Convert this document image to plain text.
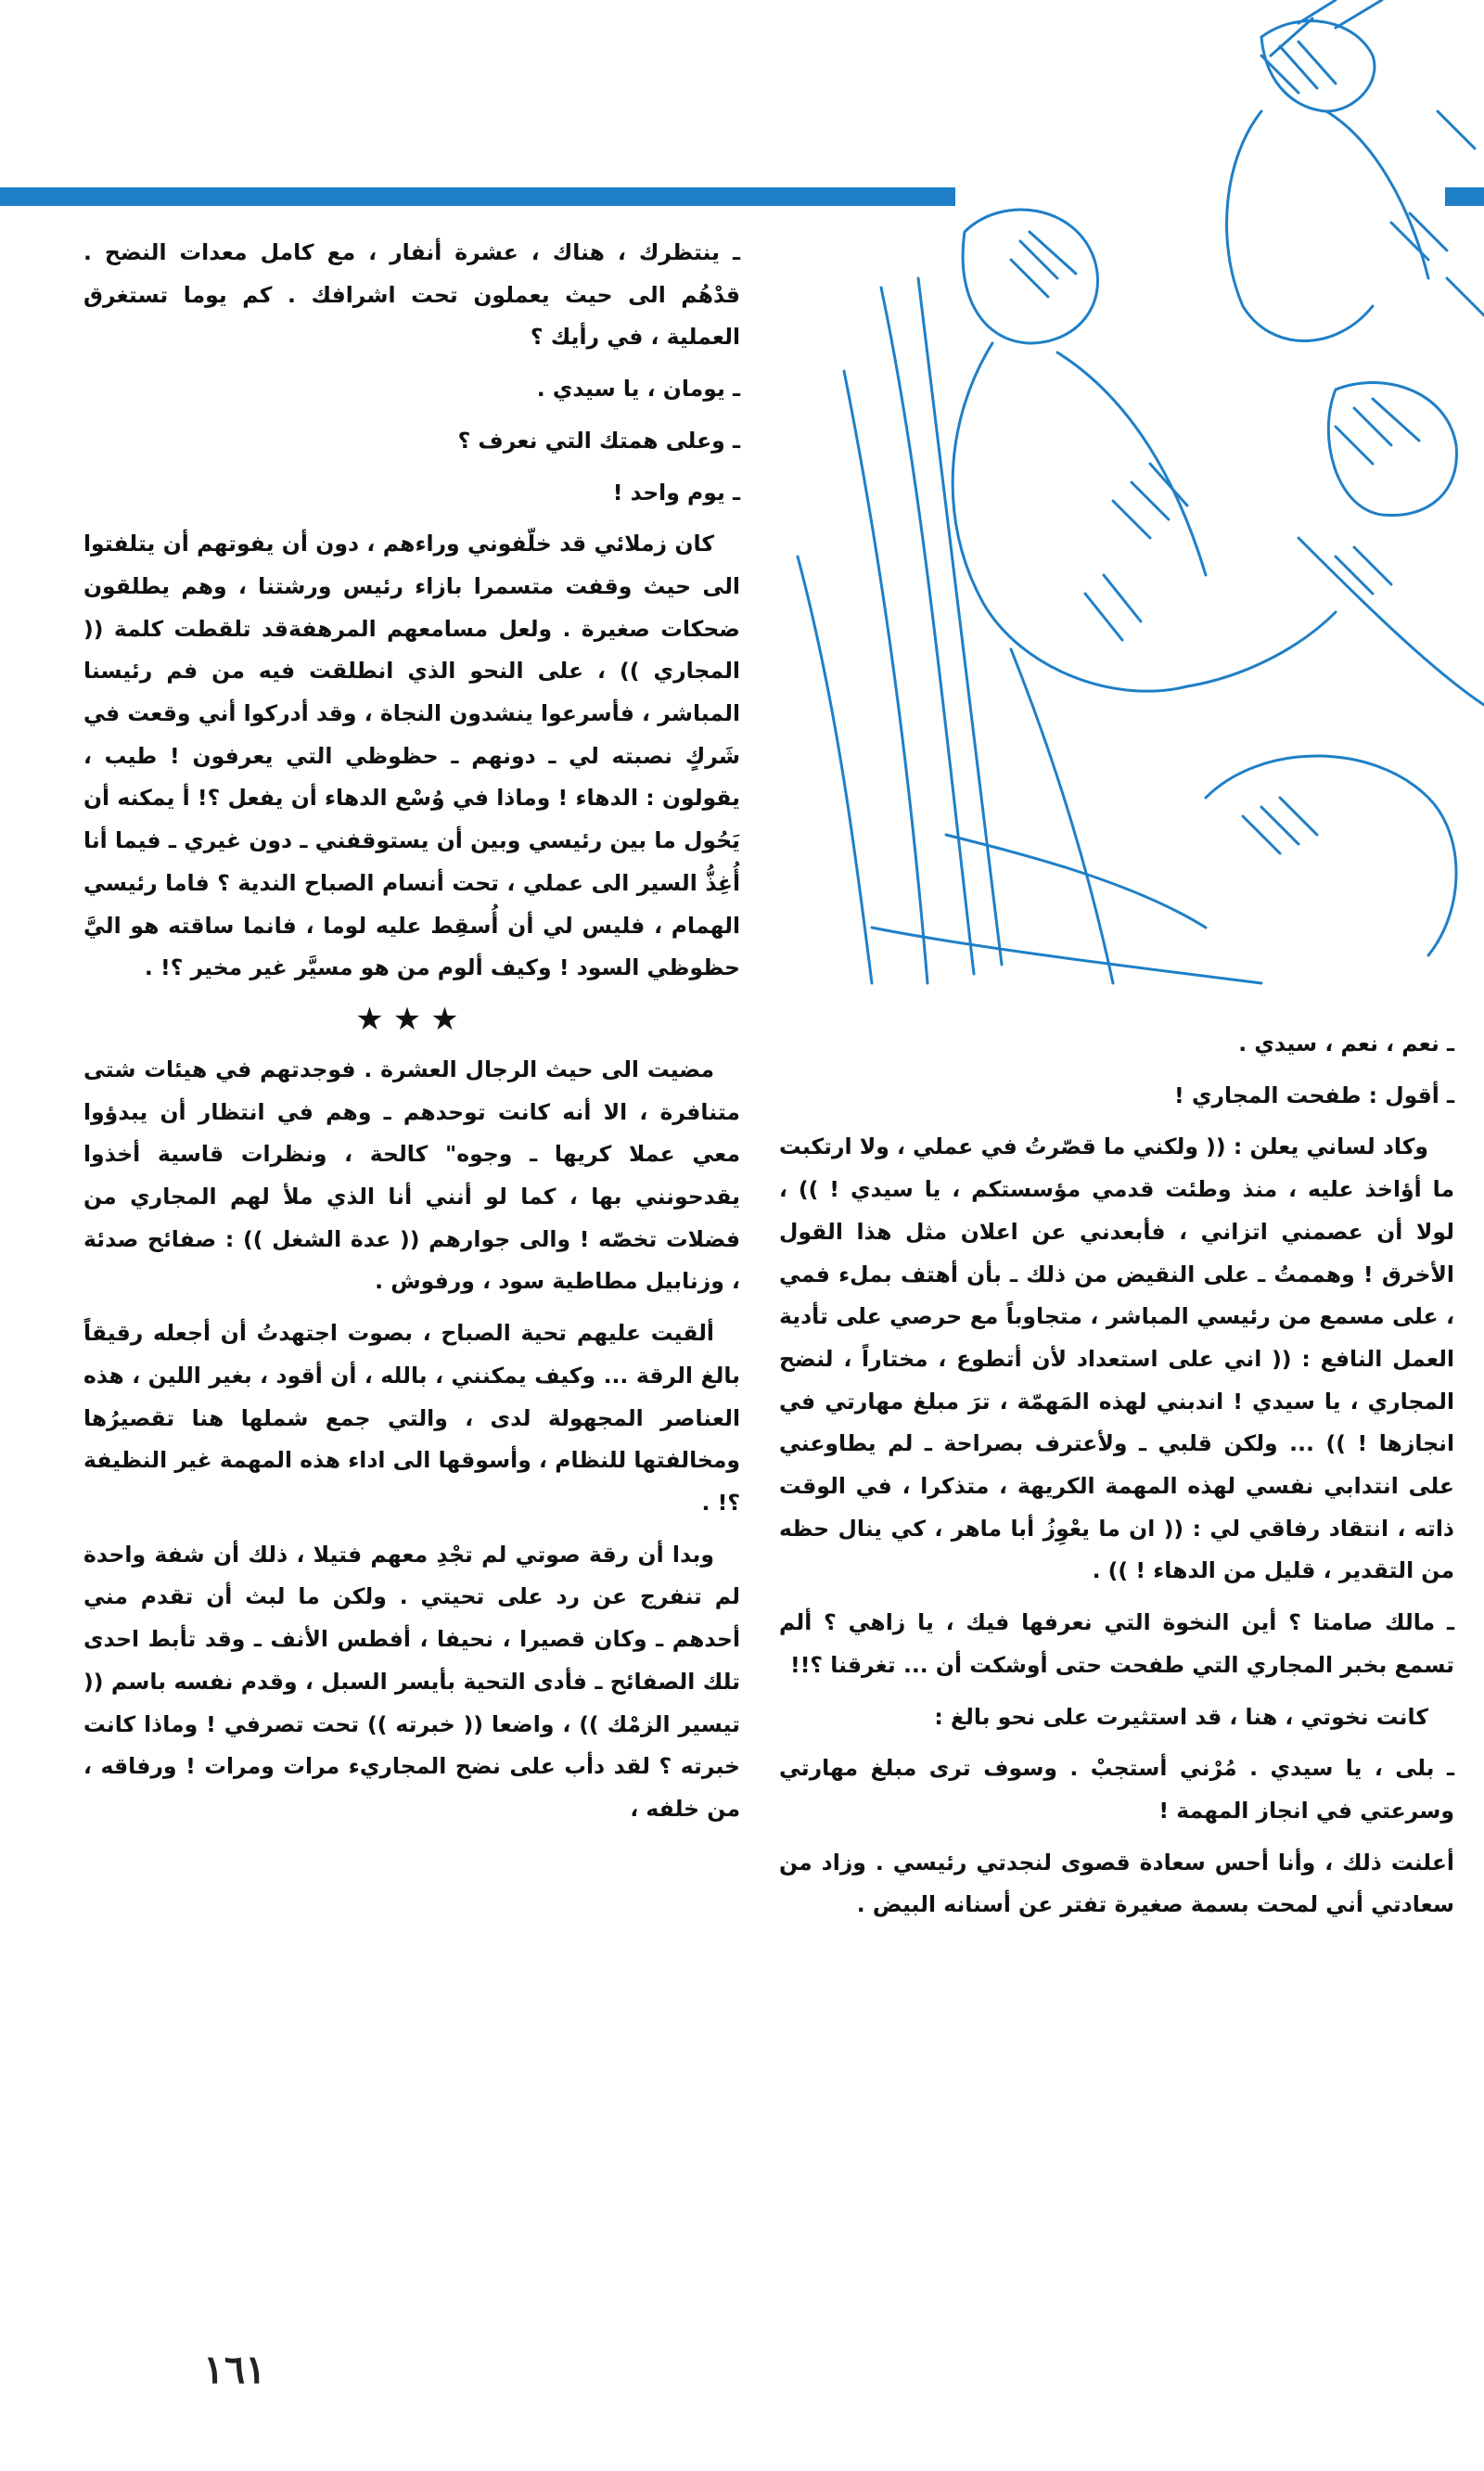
ـ ينتظرك ، هناك ، عشرة أنفار ، مع كامل معدات النضح . قدْهُم الى حيث يعملون تحت اشرافك . كم يوما تستغرق العملية ، في رأيك ؟

ـ يومان ، يا سيدي .

ـ وعلى همتك التي نعرف ؟

ـ يوم واحد !

كان زملائي قد خلّفوني وراءهم ، دون أن يفوتهم أن يتلفتوا الى حيث وقفت متسمرا بازاء رئيس ورشتنا ، وهم يطلقون ضحكات صغيرة . ولعل مسامعهم المرهفةقد تلقطت كلمة (( المجاري )) ، على النحو الذي انطلقت فيه من فم رئيسنا المباشر ، فأسرعوا ينشدون النجاة ، وقد أدركوا أني وقعت في شَركٍ نصبته لي ـ دونهم ـ حظوظي التي يعرفون ! طيب ، يقولون : الدهاء ! وماذا في وُسْع الدهاء أن يفعل ؟! أ يمكنه أن يَحُول ما بين رئيسي وبين أن يستوقفني ـ دون غيري ـ فيما أنا أُغِذُّ السير الى عملي ، تحت أنسام الصباح الندية ؟ فاما رئيسي الهمام ، فليس لي أن أُسقِط عليه لوما ، فانما ساقته هو اليَّ حظوظي السود ! وكيف ألوم من هو مسيَّر غير مخير ؟! .

★★★

مضيت الى حيث الرجال العشرة . فوجدتهم في هيئات شتى متنافرة ، الا أنه كانت توحدهم ـ وهم في انتظار أن يبدؤوا معي عملا كريها ـ وجوه" كالحة ، ونظرات قاسية أخذوا يقدحونني بها ، كما لو أنني أنا الذي ملأ لهم المجاري من فضلات تخصّه ! والى جوارهم (( عدة الشغل )) : صفائح صدئة ، وزنابيل مطاطية سود ، ورفوش .

ألقيت عليهم تحية الصباح ، بصوت اجتهدتُ أن أجعله رقيقاً بالغ الرقة ... وكيف يمكنني ، بالله ، أن أقود ، بغير اللين ، هذه العناصر المجهولة لدى ، والتي جمع شملها هنا تقصيرُها ومخالفتها للنظام ، وأسوقها الى اداء هذه المهمة غير النظيفة ؟! .

وبدا أن رقة صوتي لم تجْدِ معهم فتيلا ، ذلك أن شفة واحدة لم تنفرج عن رد على تحيتي . ولكن ما لبث أن تقدم مني أحدهم ـ وكان قصيرا ، نحيفا ، أفطس الأنف ـ وقد تأبط احدى تلك الصفائح ـ فأدى التحية بأيسر السبل ، وقدم نفسه باسم (( تيسير الزمْك )) ، واضعا (( خبرته )) تحت تصرفي ! وماذا كانت خبرته ؟ لقد دأب على نضح المجاريء مرات ومرات ! ورفاقه ، من خلفه ،

ـ نعم ، نعم ، سيدي .

ـ أقول : طفحت المجاري !

وكاد لساني يعلن : (( ولكني ما قصّرتُ في عملي ، ولا ارتكبت ما أؤاخذ عليه ، منذ وطئت قدمي مؤسستكم ، يا سيدي ! )) ، لولا أن عصمني اتزاني ، فأبعدني عن اعلان مثل هذا القول الأخرق ! وهممتُ ـ على النقيض من ذلك ـ بأن أهتف بملء فمي ، على مسمع من رئيسي المباشر ، متجاوباً مع حرصي على تأدية العمل النافع : (( اني على استعداد لأن أتطوع ، مختاراً ، لنضح المجاري ، يا سيدي ! اندبني لهذه المَهمّة ، ترَ مبلغ مهارتي في انجازها ! )) ... ولكن قلبي ـ ولأعترف بصراحة ـ لم يطاوعني على انتدابي نفسي لهذه المهمة الكريهة ، متذكرا ، في الوقت ذاته ، انتقاد رفاقي لي : (( ان ما يعْوِزُ أبا ماهر ، كي ينال حظه من التقدير ، قليل من الدهاء ! )) .

ـ مالك صامتا ؟ أين النخوة التي نعرفها فيك ، يا زاهي ؟ ألم تسمع بخبر المجاري التي طفحت حتى أوشكت أن ... تغرقنا ؟!!

كانت نخوتي ، هنا ، قد استثيرت على نحو بالغ :

ـ بلى ، يا سيدي . مُرْني أستجبْ . وسوف ترى مبلغ مهارتي وسرعتي في انجاز المهمة !

أعلنت ذلك ، وأنا أحس سعادة قصوى لنجدتي رئيسي . وزاد من سعادتي أني لمحت بسمة صغيرة تفتر عن أسنانه البيض .

١٦١
